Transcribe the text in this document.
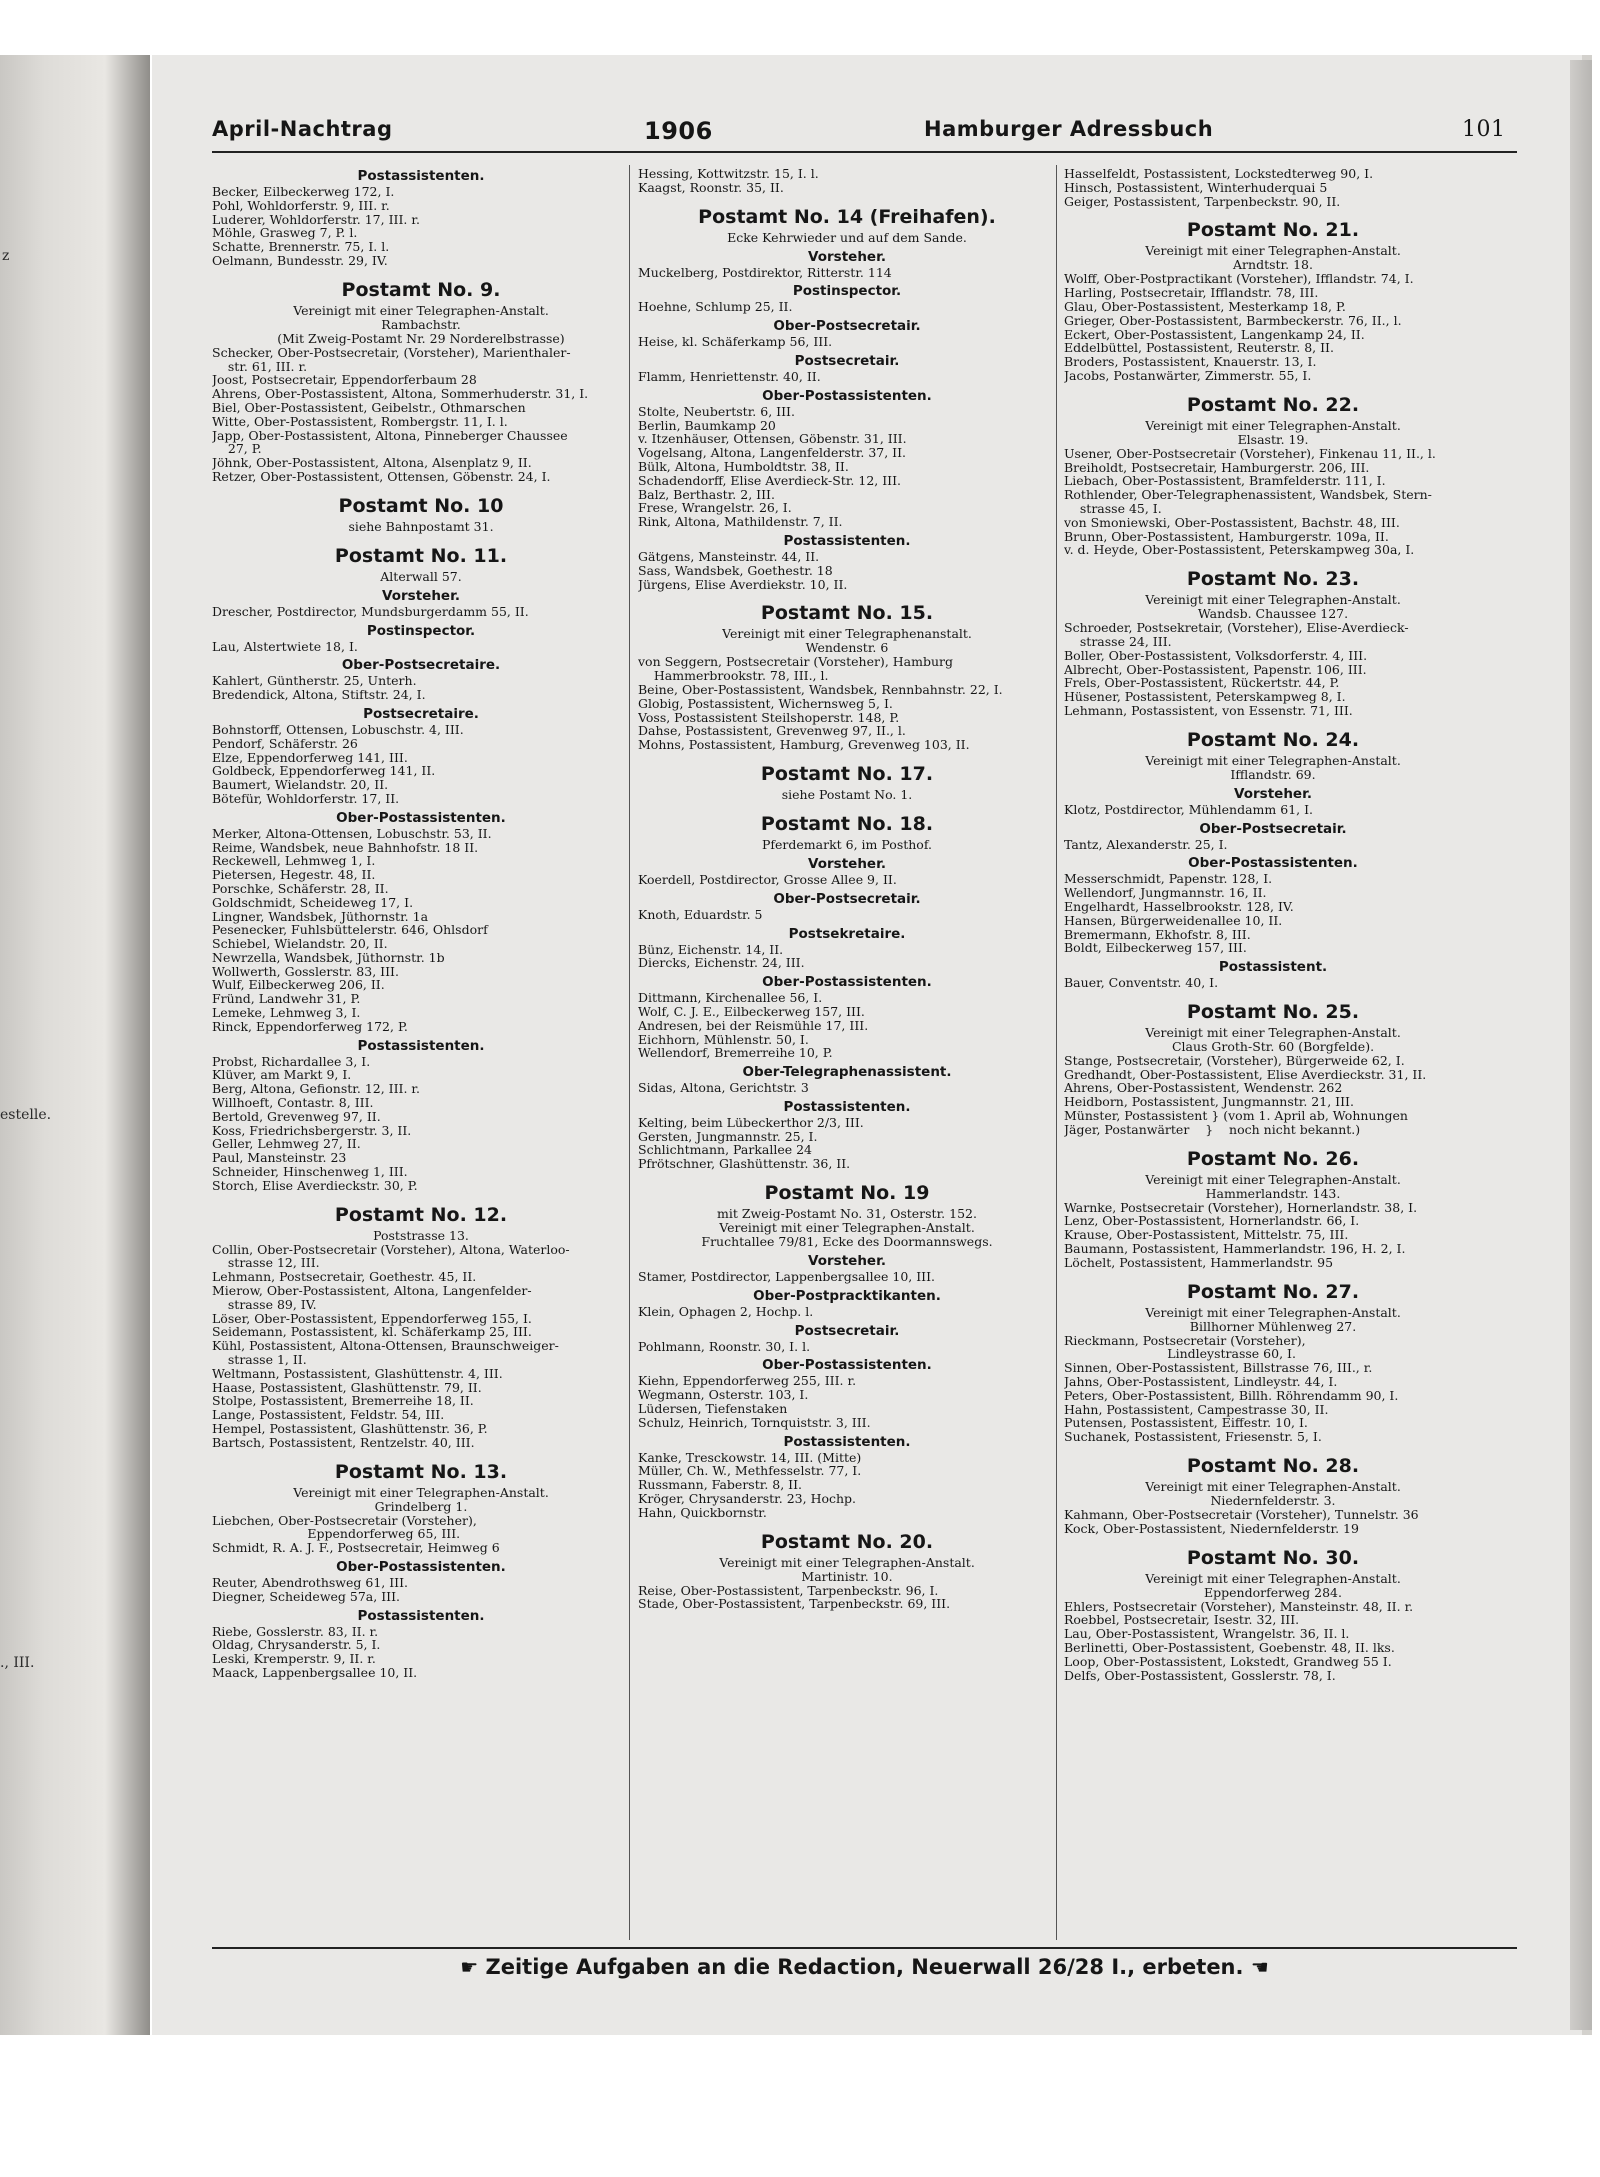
z
estelle.
., III.
April-Nachtrag	1906	Hamburger Adressbuch	101
Postassistenten.
Becker, Eilbeckerweg 172, I.
Pohl, Wohldorferstr. 9, III. r.
Luderer, Wohldorferstr. 17, III. r.
Möhle, Grasweg 7, P. l.
Schatte, Brennerstr. 75, I. l.
Oelmann, Bundesstr. 29, IV.
Postamt No. 9.
Vereinigt mit einer Telegraphen-Anstalt.
Rambachstr.
(Mit Zweig-Postamt Nr. 29 Norderelbstrasse)
Schecker, Ober-Postsecretair, (Vorsteher), Marienthaler-
str. 61, III. r.
Joost, Postsecretair, Eppendorferbaum 28
Ahrens, Ober-Postassistent, Altona, Sommerhuderstr. 31, I.
Biel, Ober-Postassistent, Geibelstr., Othmarschen
Witte, Ober-Postassistent, Rombergstr. 11, I. l.
Japp, Ober-Postassistent, Altona, Pinneberger Chaussee
27, P.
Jöhnk, Ober-Postassistent, Altona, Alsenplatz 9, II.
Retzer, Ober-Postassistent, Ottensen, Göbenstr. 24, I.
Postamt No. 10
siehe Bahnpostamt 31.
Postamt No. 11.
Alterwall 57.
Vorsteher.
Drescher, Postdirector, Mundsburgerdamm 55, II.
Postinspector.
Lau, Alstertwiete 18, I.
Ober-Postsecretaire.
Kahlert, Güntherstr. 25, Unterh.
Bredendick, Altona, Stiftstr. 24, I.
Postsecretaire.
Bohnstorff, Ottensen, Lobuschstr. 4, III.
Pendorf, Schäferstr. 26
Elze, Eppendorferweg 141, III.
Goldbeck, Eppendorferweg 141, II.
Baumert, Wielandstr. 20, II.
Bötefür, Wohldorferstr. 17, II.
Ober-Postassistenten.
Merker, Altona-Ottensen, Lobuschstr. 53, II.
Reime, Wandsbek, neue Bahnhofstr. 18 II.
Reckewell, Lehmweg 1, I.
Pietersen, Hegestr. 48, II.
Porschke, Schäferstr. 28, II.
Goldschmidt, Scheideweg 17, I.
Lingner, Wandsbek, Jüthornstr. 1a
Pesenecker, Fuhlsbüttelerstr. 646, Ohlsdorf
Schiebel, Wielandstr. 20, II.
Newrzella, Wandsbek, Jüthornstr. 1b
Wollwerth, Gosslerstr. 83, III.
Wulf, Eilbeckerweg 206, II.
Fründ, Landwehr 31, P.
Lemeke, Lehmweg 3, I.
Rinck, Eppendorferweg 172, P.
Postassistenten.
Probst, Richardallee 3, I.
Klüver, am Markt 9, I.
Berg, Altona, Gefionstr. 12, III. r.
Willhoeft, Contastr. 8, III.
Bertold, Grevenweg 97, II.
Koss, Friedrichsbergerstr. 3, II.
Geller, Lehmweg 27, II.
Paul, Mansteinstr. 23
Schneider, Hinschenweg 1, III.
Storch, Elise Averdieckstr. 30, P.
Postamt No. 12.
Poststrasse 13.
Collin, Ober-Postsecretair (Vorsteher), Altona, Waterloo-
strasse 12, III.
Lehmann, Postsecretair, Goethestr. 45, II.
Mierow, Ober-Postassistent, Altona, Langenfelder-
strasse 89, IV.
Löser, Ober-Postassistent, Eppendorferweg 155, I.
Seidemann, Postassistent, kl. Schäferkamp 25, III.
Kühl, Postassistent, Altona-Ottensen, Braunschweiger-
strasse 1, II.
Weltmann, Postassistent, Glashüttenstr. 4, III.
Haase, Postassistent, Glashüttenstr. 79, II.
Stolpe, Postassistent, Bremerreihe 18, II.
Lange, Postassistent, Feldstr. 54, III.
Hempel, Postassistent, Glashüttenstr. 36, P.
Bartsch, Postassistent, Rentzelstr. 40, III.
Postamt No. 13.
Vereinigt mit einer Telegraphen-Anstalt.
Grindelberg 1.
Liebchen, Ober-Postsecretair (Vorsteher),
Eppendorferweg 65, III.
Schmidt, R. A. J. F., Postsecretair, Heimweg 6
Ober-Postassistenten.
Reuter, Abendrothsweg 61, III.
Diegner, Scheideweg 57a, III.
Postassistenten.
Riebe, Gosslerstr. 83, II. r.
Oldag, Chrysanderstr. 5, I.
Leski, Kremperstr. 9, II. r.
Maack, Lappenbergsallee 10, II.
Hessing, Kottwitzstr. 15, I. l.
Kaagst, Roonstr. 35, II.
Postamt No. 14 (Freihafen).
Ecke Kehrwieder und auf dem Sande.
Vorsteher.
Muckelberg, Postdirektor, Ritterstr. 114
Postinspector.
Hoehne, Schlump 25, II.
Ober-Postsecretair.
Heise, kl. Schäferkamp 56, III.
Postsecretair.
Flamm, Henriettenstr. 40, II.
Ober-Postassistenten.
Stolte, Neubertstr. 6, III.
Berlin, Baumkamp 20
v. Itzenhäuser, Ottensen, Göbenstr. 31, III.
Vogelsang, Altona, Langenfelderstr. 37, II.
Bülk, Altona, Humboldtstr. 38, II.
Schadendorff, Elise Averdieck-Str. 12, III.
Balz, Berthastr. 2, III.
Frese, Wrangelstr. 26, I.
Rink, Altona, Mathildenstr. 7, II.
Postassistenten.
Gätgens, Mansteinstr. 44, II.
Sass, Wandsbek, Goethestr. 18
Jürgens, Elise Averdiekstr. 10, II.
Postamt No. 15.
Vereinigt mit einer Telegraphenanstalt.
Wendenstr. 6
von Seggern, Postsecretair (Vorsteher), Hamburg
Hammerbrookstr. 78, III., l.
Beine, Ober-Postassistent, Wandsbek, Rennbahnstr. 22, I.
Globig, Postassistent, Wichernsweg 5, I.
Voss, Postassistent Steilshoperstr. 148, P.
Dahse, Postassistent, Grevenweg 97, II., l.
Mohns, Postassistent, Hamburg, Grevenweg 103, II.
Postamt No. 17.
siehe Postamt No. 1.
Postamt No. 18.
Pferdemarkt 6, im Posthof.
Vorsteher.
Koerdell, Postdirector, Grosse Allee 9, II.
Ober-Postsecretair.
Knoth, Eduardstr. 5
Postsekretaire.
Bünz, Eichenstr. 14, II.
Diercks, Eichenstr. 24, III.
Ober-Postassistenten.
Dittmann, Kirchenallee 56, I.
Wolf, C. J. E., Eilbeckerweg 157, III.
Andresen, bei der Reismühle 17, III.
Eichhorn, Mühlenstr. 50, I.
Wellendorf, Bremerreihe 10, P.
Ober-Telegraphenassistent.
Sidas, Altona, Gerichtstr. 3
Postassistenten.
Kelting, beim Lübeckerthor 2/3, III.
Gersten, Jungmannstr. 25, I.
Schlichtmann, Parkallee 24
Pfrötschner, Glashüttenstr. 36, II.
Postamt No. 19
mit Zweig-Postamt No. 31, Osterstr. 152.
Vereinigt mit einer Telegraphen-Anstalt.
Fruchtallee 79/81, Ecke des Doormannswegs.
Vorsteher.
Stamer, Postdirector, Lappenbergsallee 10, III.
Ober-Postpracktikanten.
Klein, Ophagen 2, Hochp. l.
Postsecretair.
Pohlmann, Roonstr. 30, I. l.
Ober-Postassistenten.
Kiehn, Eppendorferweg 255, III. r.
Wegmann, Osterstr. 103, I.
Lüdersen, Tiefenstaken
Schulz, Heinrich, Tornquiststr. 3, III.
Postassistenten.
Kanke, Tresckowstr. 14, III. (Mitte)
Müller, Ch. W., Methfesselstr. 77, I.
Russmann, Faberstr. 8, II.
Kröger, Chrysanderstr. 23, Hochp.
Hahn, Quickbornstr.
Postamt No. 20.
Vereinigt mit einer Telegraphen-Anstalt.
Martinistr. 10.
Reise, Ober-Postassistent, Tarpenbeckstr. 96, I.
Stade, Ober-Postassistent, Tarpenbeckstr. 69, III.
Hasselfeldt, Postassistent, Lockstedterweg 90, I.
Hinsch, Postassistent, Winterhuderquai 5
Geiger, Postassistent, Tarpenbeckstr. 90, II.
Postamt No. 21.
Vereinigt mit einer Telegraphen-Anstalt.
Arndtstr. 18.
Wolff, Ober-Postpractikant (Vorsteher), Ifflandstr. 74, I.
Harling, Postsecretair, Ifflandstr. 78, III.
Glau, Ober-Postassistent, Mesterkamp 18, P.
Grieger, Ober-Postassistent, Barmbeckerstr. 76, II., l.
Eckert, Ober-Postassistent, Langenkamp 24, II.
Eddelbüttel, Postassistent, Reuterstr. 8, II.
Broders, Postassistent, Knauerstr. 13, I.
Jacobs, Postanwärter, Zimmerstr. 55, I.
Postamt No. 22.
Vereinigt mit einer Telegraphen-Anstalt.
Elsastr. 19.
Usener, Ober-Postsecretair (Vorsteher), Finkenau 11, II., l.
Breiholdt, Postsecretair, Hamburgerstr. 206, III.
Liebach, Ober-Postassistent, Bramfelderstr. 111, I.
Rothlender, Ober-Telegraphenassistent, Wandsbek, Stern-
strasse 45, I.
von Smoniewski, Ober-Postassistent, Bachstr. 48, III.
Brunn, Ober-Postassistent, Hamburgerstr. 109a, II.
v. d. Heyde, Ober-Postassistent, Peterskampweg 30a, I.
Postamt No. 23.
Vereinigt mit einer Telegraphen-Anstalt.
Wandsb. Chaussee 127.
Schroeder, Postsekretair, (Vorsteher), Elise-Averdieck-
strasse 24, III.
Boller, Ober-Postassistent, Volksdorferstr. 4, III.
Albrecht, Ober-Postassistent, Papenstr. 106, III.
Frels, Ober-Postassistent, Rückertstr. 44, P.
Hüsener, Postassistent, Peterskampweg 8, I.
Lehmann, Postassistent, von Essenstr. 71, III.
Postamt No. 24.
Vereinigt mit einer Telegraphen-Anstalt.
Ifflandstr. 69.
Vorsteher.
Klotz, Postdirector, Mühlendamm 61, I.
Ober-Postsecretair.
Tantz, Alexanderstr. 25, I.
Ober-Postassistenten.
Messerschmidt, Papenstr. 128, I.
Wellendorf, Jungmannstr. 16, II.
Engelhardt, Hasselbrookstr. 128, IV.
Hansen, Bürgerweidenallee 10, II.
Bremermann, Ekhofstr. 8, III.
Boldt, Eilbeckerweg 157, III.
Postassistent.
Bauer, Conventstr. 40, I.
Postamt No. 25.
Vereinigt mit einer Telegraphen-Anstalt.
Claus Groth-Str. 60 (Borgfelde).
Stange, Postsecretair, (Vorsteher), Bürgerweide 62, I.
Gredhandt, Ober-Postassistent, Elise Averdieckstr. 31, II.
Ahrens, Ober-Postassistent, Wendenstr. 262
Heidborn, Postassistent, Jungmannstr. 21, III.
Münster, Postassistent } (vom 1. April ab, Wohnungen
Jäger, Postanwärter    }    noch nicht bekannt.)
Postamt No. 26.
Vereinigt mit einer Telegraphen-Anstalt.
Hammerlandstr. 143.
Warnke, Postsecretair (Vorsteher), Hornerlandstr. 38, I.
Lenz, Ober-Postassistent, Hornerlandstr. 66, I.
Krause, Ober-Postassistent, Mittelstr. 75, III.
Baumann, Postassistent, Hammerlandstr. 196, H. 2, I.
Löchelt, Postassistent, Hammerlandstr. 95
Postamt No. 27.
Vereinigt mit einer Telegraphen-Anstalt.
Billhorner Mühlenweg 27.
Rieckmann, Postsecretair (Vorsteher),
Lindleystrasse 60, I.
Sinnen, Ober-Postassistent, Billstrasse 76, III., r.
Jahns, Ober-Postassistent, Lindleystr. 44, I.
Peters, Ober-Postassistent, Billh. Röhrendamm 90, I.
Hahn, Postassistent, Campestrasse 30, II.
Putensen, Postassistent, Eiffestr. 10, I.
Suchanek, Postassistent, Friesenstr. 5, I.
Postamt No. 28.
Vereinigt mit einer Telegraphen-Anstalt.
Niedernfelderstr. 3.
Kahmann, Ober-Postsecretair (Vorsteher), Tunnelstr. 36
Kock, Ober-Postassistent, Niedernfelderstr. 19
Postamt No. 30.
Vereinigt mit einer Telegraphen-Anstalt.
Eppendorferweg 284.
Ehlers, Postsecretair (Vorsteher), Mansteinstr. 48, II. r.
Roebbel, Postsecretair, Isestr. 32, III.
Lau, Ober-Postassistent, Wrangelstr. 36, II. l.
Berlinetti, Ober-Postassistent, Goebenstr. 48, II. lks.
Loop, Ober-Postassistent, Lokstedt, Grandweg 55 I.
Delfs, Ober-Postassistent, Gosslerstr. 78, I.
☛ Zeitige Aufgaben an die Redaction, Neuerwall 26/28 I., erbeten. ☚
